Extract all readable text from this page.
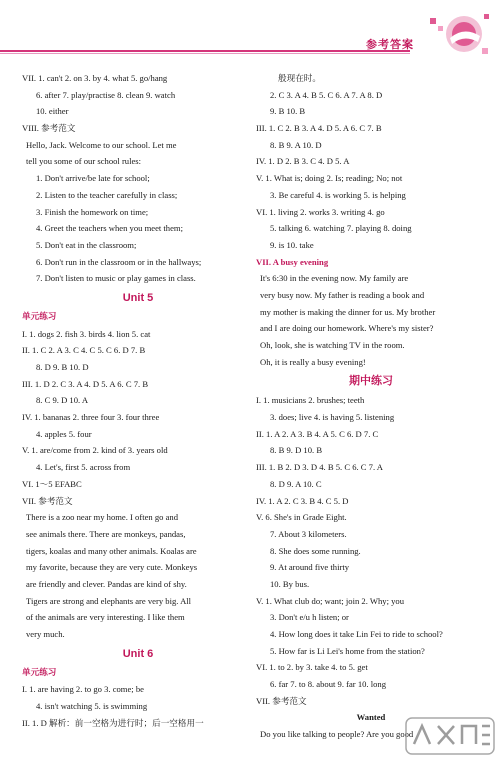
参考答案
VII. 1. can't 2. on 3. by 4. what 5. go/hang
6. after 7. play/practise 8. clean 9. watch
10. either
VIII. 参考范文
Hello, Jack. Welcome to our school. Let me
tell you some of our school rules:
1. Don't arrive/be late for school;
2. Listen to the teacher carefully in class;
3. Finish the homework on time;
4. Greet the teachers when you meet them;
5. Don't eat in the classroom;
6. Don't run in the classroom or in the hallways;
7. Don't listen to music or play games in class.
Unit 5
单元练习
I. 1. dogs 2. fish 3. birds 4. lion 5. cat
II. 1. C 2. A 3. C 4. C 5. C 6. D 7. B
8. D 9. B 10. D
III. 1. D 2. C 3. A 4. D 5. A 6. C 7. B
8. C 9. D 10. A
IV. 1. bananas 2. three four 3. four three
4. apples 5. four
V. 1. are/come from 2. kind of 3. years old
4. Let's, first 5. across from
VI. 1～5 EFABC
VII. 参考范文
There is a zoo near my home. I often go and
see animals there. There are monkeys, pandas,
tigers, koalas and many other animals. Koalas are
my favorite, because they are very cute. Monkeys
are friendly and clever. Pandas are kind of shy.
Tigers are strong and elephants are very big. All
of the animals are very interesting. I like them
very much.
Unit 6
单元练习
I. 1. are having 2. to go 3. come; be
4. isn't watching 5. is swimming
II. 1. D 解析：前一空格为进行时；后一空格用一
般现在时。
2. C 3. A 4. B 5. C 6. A 7. A 8. D
9. B 10. B
III. 1. C 2. B 3. A 4. D 5. A 6. C 7. B
8. B 9. A 10. D
IV. 1. D 2. B 3. C 4. D 5. A
V. 1. What is; doing 2. Is; reading; No; not
3. Be careful 4. is working 5. is helping
VI. 1. living 2. works 3. writing 4. go
5. talking 6. watching 7. playing 8. doing
9. is 10. take
VII. A busy evening
It's 6:30 in the evening now. My family are
very busy now. My father is reading a book and
my mother is making the dinner for us. My brother
and I are doing our homework. Where's my sister?
Oh, look, she is watching TV in the room.
Oh, it is really a busy evening!
期中练习
I. 1. musicians 2. brushes; teeth
3. does; live 4. is having 5. listening
II. 1. A 2. A 3. B 4. A 5. C 6. D 7. C
8. B 9. D 10. B
III. 1. B 2. D 3. D 4. B 5. C 6. C 7. A
8. D 9. A 10. C
IV. 1. A 2. C 3. B 4. C 5. D
V. 6. She's in Grade Eight.
7. About 3 kilometers.
8. She does some running.
9. At around five thirty
10. By bus.
V. 1. What club do; want; join 2. Why; you
3. Don't e/u h listen; or
4. How long does it take Lin Fei to ride to school?
5. How far is Li Lei's home from the station?
VI. 1. to 2. by 3. take 4. to 5. get
6. far 7. to 8. about 9. far 10. long
VII. 参考范文
Wanted
Do you like talking to people? Are you good
